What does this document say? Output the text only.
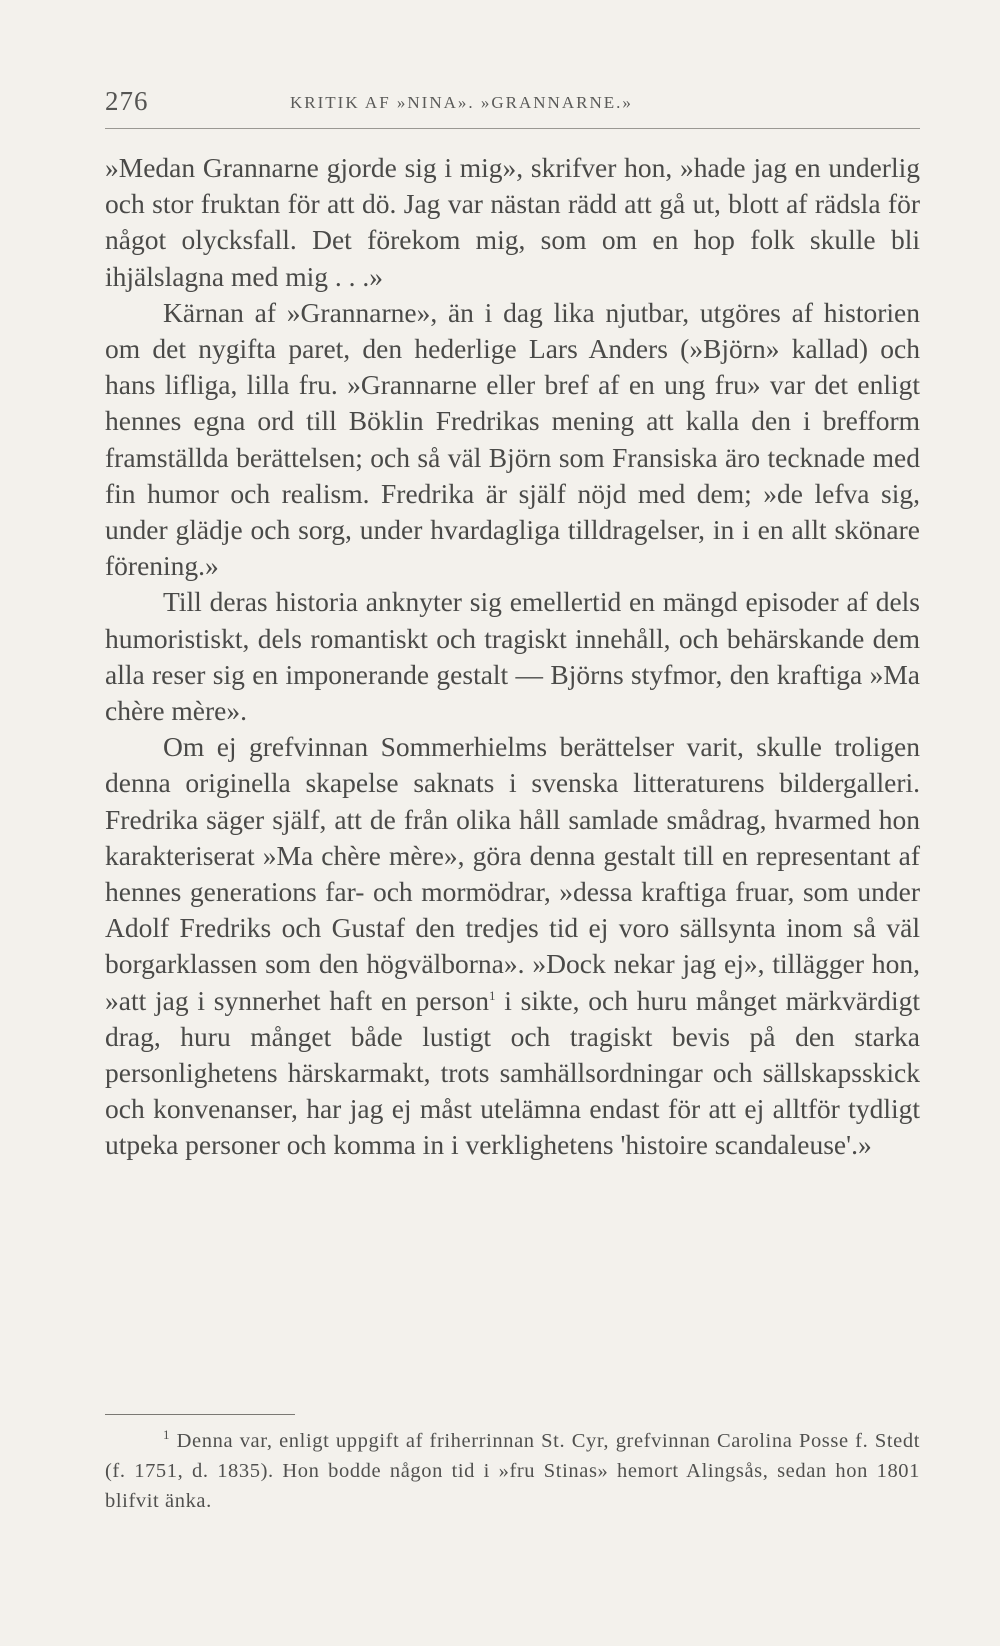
276	KRITIK AF »NINA». »GRANNARNE.»

»Medan Grannarne gjorde sig i mig», skrifver hon, »hade jag en underlig och stor fruktan för att dö. Jag var nästan rädd att gå ut, blott af rädsla för något olycksfall. Det förekom mig, som om en hop folk skulle bli ihjälslagna med mig . . .»

Kärnan af »Grannarne», än i dag lika njutbar, utgöres af historien om det nygifta paret, den hederlige Lars Anders (»Björn» kallad) och hans lifliga, lilla fru. »Grannarne eller bref af en ung fru» var det enligt hennes egna ord till Böklin Fredrikas mening att kalla den i brefform framställda berättelsen; och så väl Björn som Fransiska äro tecknade med fin humor och realism. Fredrika är själf nöjd med dem; »de lefva sig, under glädje och sorg, under hvardagliga tilldragelser, in i en allt skönare förening.»

Till deras historia anknyter sig emellertid en mängd episoder af dels humoristiskt, dels romantiskt och tragiskt innehåll, och behärskande dem alla reser sig en imponerande gestalt — Björns styfmor, den kraftiga »Ma chère mère».

Om ej grefvinnan Sommerhielms berättelser varit, skulle troligen denna originella skapelse saknats i svenska litteraturens bildergalleri. Fredrika säger själf, att de från olika håll samlade smådrag, hvarmed hon karakteriserat »Ma chère mère», göra denna gestalt till en representant af hennes generations far- och mormödrar, »dessa kraftiga fruar, som under Adolf Fredriks och Gustaf den tredjes tid ej voro sällsynta inom så väl borgarklassen som den högvälborna». »Dock nekar jag ej», tillägger hon, »att jag i synnerhet haft en person$^1$ i sikte, och huru månget märkvärdigt drag, huru månget både lustigt och tragiskt bevis på den starka personlighetens härskarmakt, trots samhällsordningar och sällskapsskick och konvenanser, har jag ej måst utelämna endast för att ej alltför tydligt utpeka personer och komma in i verklighetens 'histoire scandaleuse'.»

$^1$ Denna var, enligt uppgift af friherrinnan St. Cyr, grefvinnan Carolina Posse f. Stedt (f. 1751, d. 1835). Hon bodde någon tid i »fru Stinas» hemort Alingsås, sedan hon 1801 blifvit änka.
